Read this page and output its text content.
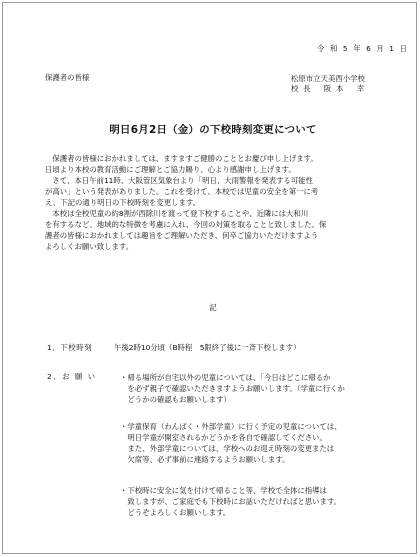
令 和 5 年 6 月 1 日
保護者の皆様	松原市立天美西小学校
校 長　 阪 本　 幸
明日6月2日（金）の下校時刻変更について

　保護者の皆様におかれましては、ますますご健勝のこととお慶び申し上げます。

日頃より本校の教育活動にご理解とご協力賜り、心より感謝申し上げます。

　さて、本日午前11時、大阪管区気象台より「明日、大雨警報を発表する可能性

が高い」という発表がありました。これを受けて、本校では児童の安全を第一に考

え、下記の通り明日の下校時刻を変更します。

　本校は全校児童の約8割が西除川を渡って登下校することや、近隣には大和川

を有するなど、地域的な特徴を考慮に入れ、今回の対策を取ることと致しました。保

護者の皆様におかれましては趣旨をご理解いただき、何卒ご協力いただけますよう

よろしくお願い致します。

記
1．下校時刻	午後2時10分頃（B時程　5限終了後に一斉下校します）
2．お 願 い	・帰る場所が自宅以外の児童については、「今日はどこに帰るか

　を必ず親子で確認いただきますようお願いします。（学童に行くか

　どうかの確認もお願いします）

・学童保育（わんぱく・外部学童）に行く予定の児童については、

　明日学童が開室されるかどうかを各自で確認してください。

　また、外部学童については、学校へのお迎え時刻の変更または

　欠席等、必ず事前に連絡するようお願いします。

・下校時に安全に気を付けて帰ること等、学校で全体に指導は

　致しますが、ご家庭でも下校時にお話いただければと思います。

　どうぞよろしくお願いします。
